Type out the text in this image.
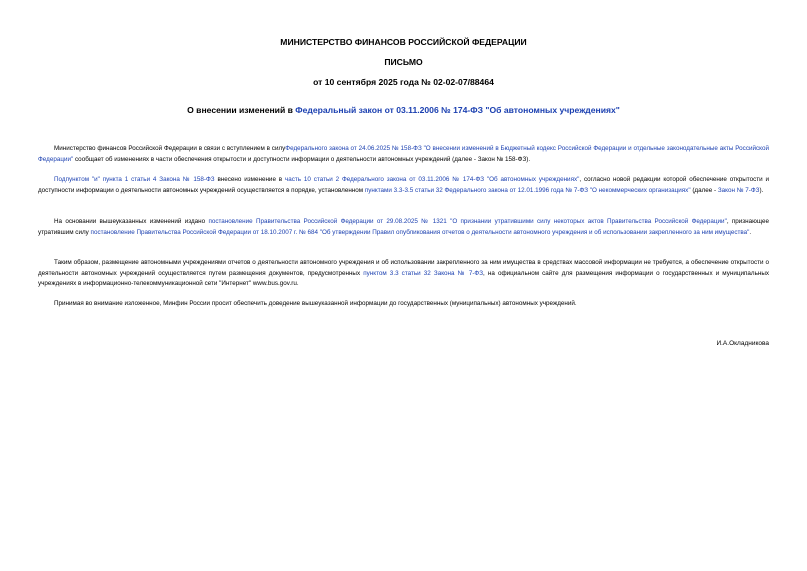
МИНИСТЕРСТВО ФИНАНСОВ РОССИЙСКОЙ ФЕДЕРАЦИИ
ПИСЬМО
от 10 сентября 2025 года № 02-02-07/88464
О внесении изменений в Федеральный закон от 03.11.2006 № 174-ФЗ "Об автономных учреждениях"
Министерство финансов Российской Федерации в связи с вступлением в силуФедерального закона от 24.06.2025 № 158-ФЗ "О внесении изменений в Бюджетный кодекс Российской Федерации и отдельные законодательные акты Российской Федерации" сообщает об изменениях в части обеспечения открытости и доступности информации о деятельности автономных учреждений (далее - Закон № 158-ФЗ).
Подпунктом "и" пункта 1 статьи 4 Закона № 158-ФЗ внесено изменение в часть 10 статьи 2 Федерального закона от 03.11.2006 № 174-ФЗ "Об автономных учреждениях", согласно новой редакции которой обеспечение открытости и доступности информации о деятельности автономных учреждений осуществляется в порядке, установленном пунктами 3.3-3.5 статьи 32 Федерального закона от 12.01.1996 года № 7-ФЗ "О некоммерческих организациях" (далее - Закон № 7-ФЗ).
На основании вышеуказанных изменений издано постановление Правительства Российской Федерации от 29.08.2025 № 1321 "О признании утратившими силу некоторых актов Правительства Российской Федерации", признающее утратившим силу постановление Правительства Российской Федерации от 18.10.2007 г. № 684 "Об утверждении Правил опубликования отчетов о деятельности автономного учреждения и об использовании закрепленного за ним имущества".
Таким образом, размещение автономными учреждениями отчетов о деятельности автономного учреждения и об использовании закрепленного за ним имущества в средствах массовой информации не требуется, а обеспечение открытости о деятельности автономных учреждений осуществляется путем размещения документов, предусмотренных пунктом 3.3 статьи 32 Закона № 7-ФЗ, на официальном сайте для размещения информации о государственных и муниципальных учреждениях в информационно-телекоммуникационной сети "Интернет" www.bus.gov.ru.
Принимая во внимание изложенное, Минфин России просит обеспечить доведение вышеуказанной информации до государственных (муниципальных) автономных учреждений.
И.А.Окладникова
